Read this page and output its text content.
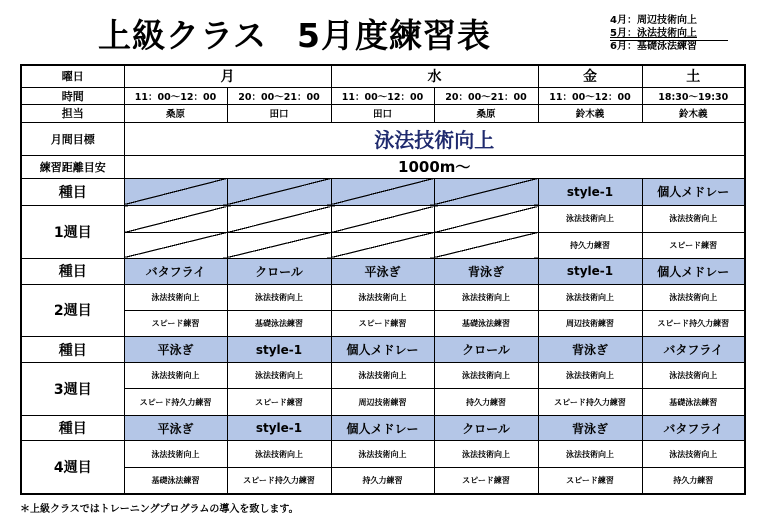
上級クラス 5月度練習表	4月：周辺技術向上
5月：泳法技術向上
6月：基礎泳法練習
曜日	月		水		金	土
時間	11：00〜12：00	20：00〜21：00	11：00〜12：00	20：00〜21：00	11：00〜12：00	18:30〜19:30
担当	桑原	田口	田口	桑原	鈴木義	鈴木義
月間目標	泳法技術向上					
練習距離目安	1000m〜					
種目					style-1	個人メドレー
1週目					泳法技術向上	泳法技術向上
					持久力練習	スピード練習
種目	バタフライ	クロール	平泳ぎ	背泳ぎ	style-1	個人メドレー
2週目	泳法技術向上	泳法技術向上	泳法技術向上	泳法技術向上	泳法技術向上	泳法技術向上
	スピード練習	基礎泳法練習	スピード練習	基礎泳法練習	周辺技術練習	スピード持久力練習
種目	平泳ぎ	style-1	個人メドレー	クロール	背泳ぎ	バタフライ
3週目	泳法技術向上	泳法技術向上	泳法技術向上	泳法技術向上	泳法技術向上	泳法技術向上
	スピード持久力練習	スピード練習	周辺技術練習	持久力練習	スピード持久力練習	基礎泳法練習
種目	平泳ぎ	style-1	個人メドレー	クロール	背泳ぎ	バタフライ
4週目	泳法技術向上	泳法技術向上	泳法技術向上	泳法技術向上	泳法技術向上	泳法技術向上
	基礎泳法練習	スピード持久力練習	持久力練習	スピード練習	スピード練習	持久力練習
＊上級クラスではトレーニングプログラムの導入を致します。
